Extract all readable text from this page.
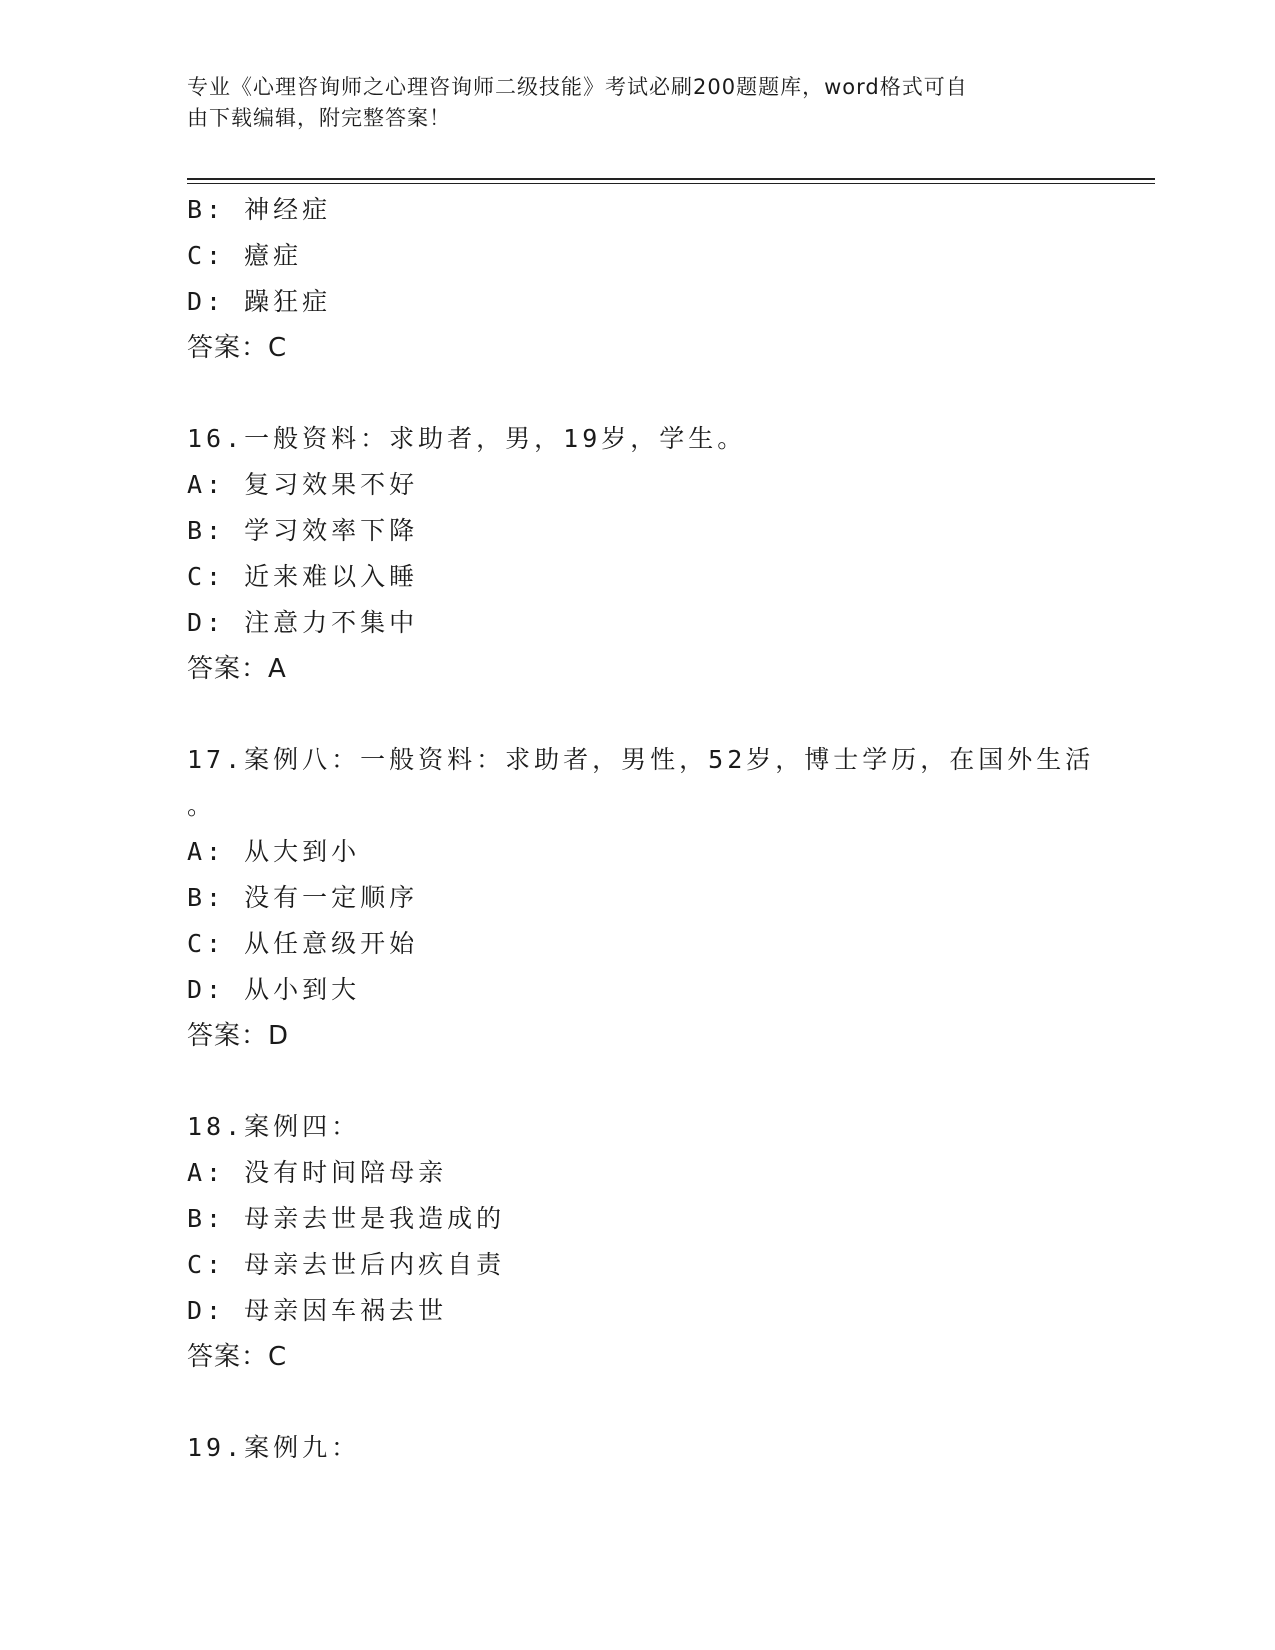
专业《心理咨询师之心理咨询师二级技能》考试必刷200题题库，word格式可自
由下载编辑，附完整答案！
B: 神经症
C: 癔症
D: 躁狂症
答案：C
16.一般资料：求助者，男，19岁，学生。
A: 复习效果不好
B: 学习效率下降
C: 近来难以入睡
D: 注意力不集中
答案：A
17.案例八：一般资料：求助者，男性，52岁，博士学历，在国外生活
。
A: 从大到小
B: 没有一定顺序
C: 从任意级开始
D: 从小到大
答案：D
18.案例四：
A: 没有时间陪母亲
B: 母亲去世是我造成的
C: 母亲去世后内疚自责
D: 母亲因车祸去世
答案：C
19.案例九：
